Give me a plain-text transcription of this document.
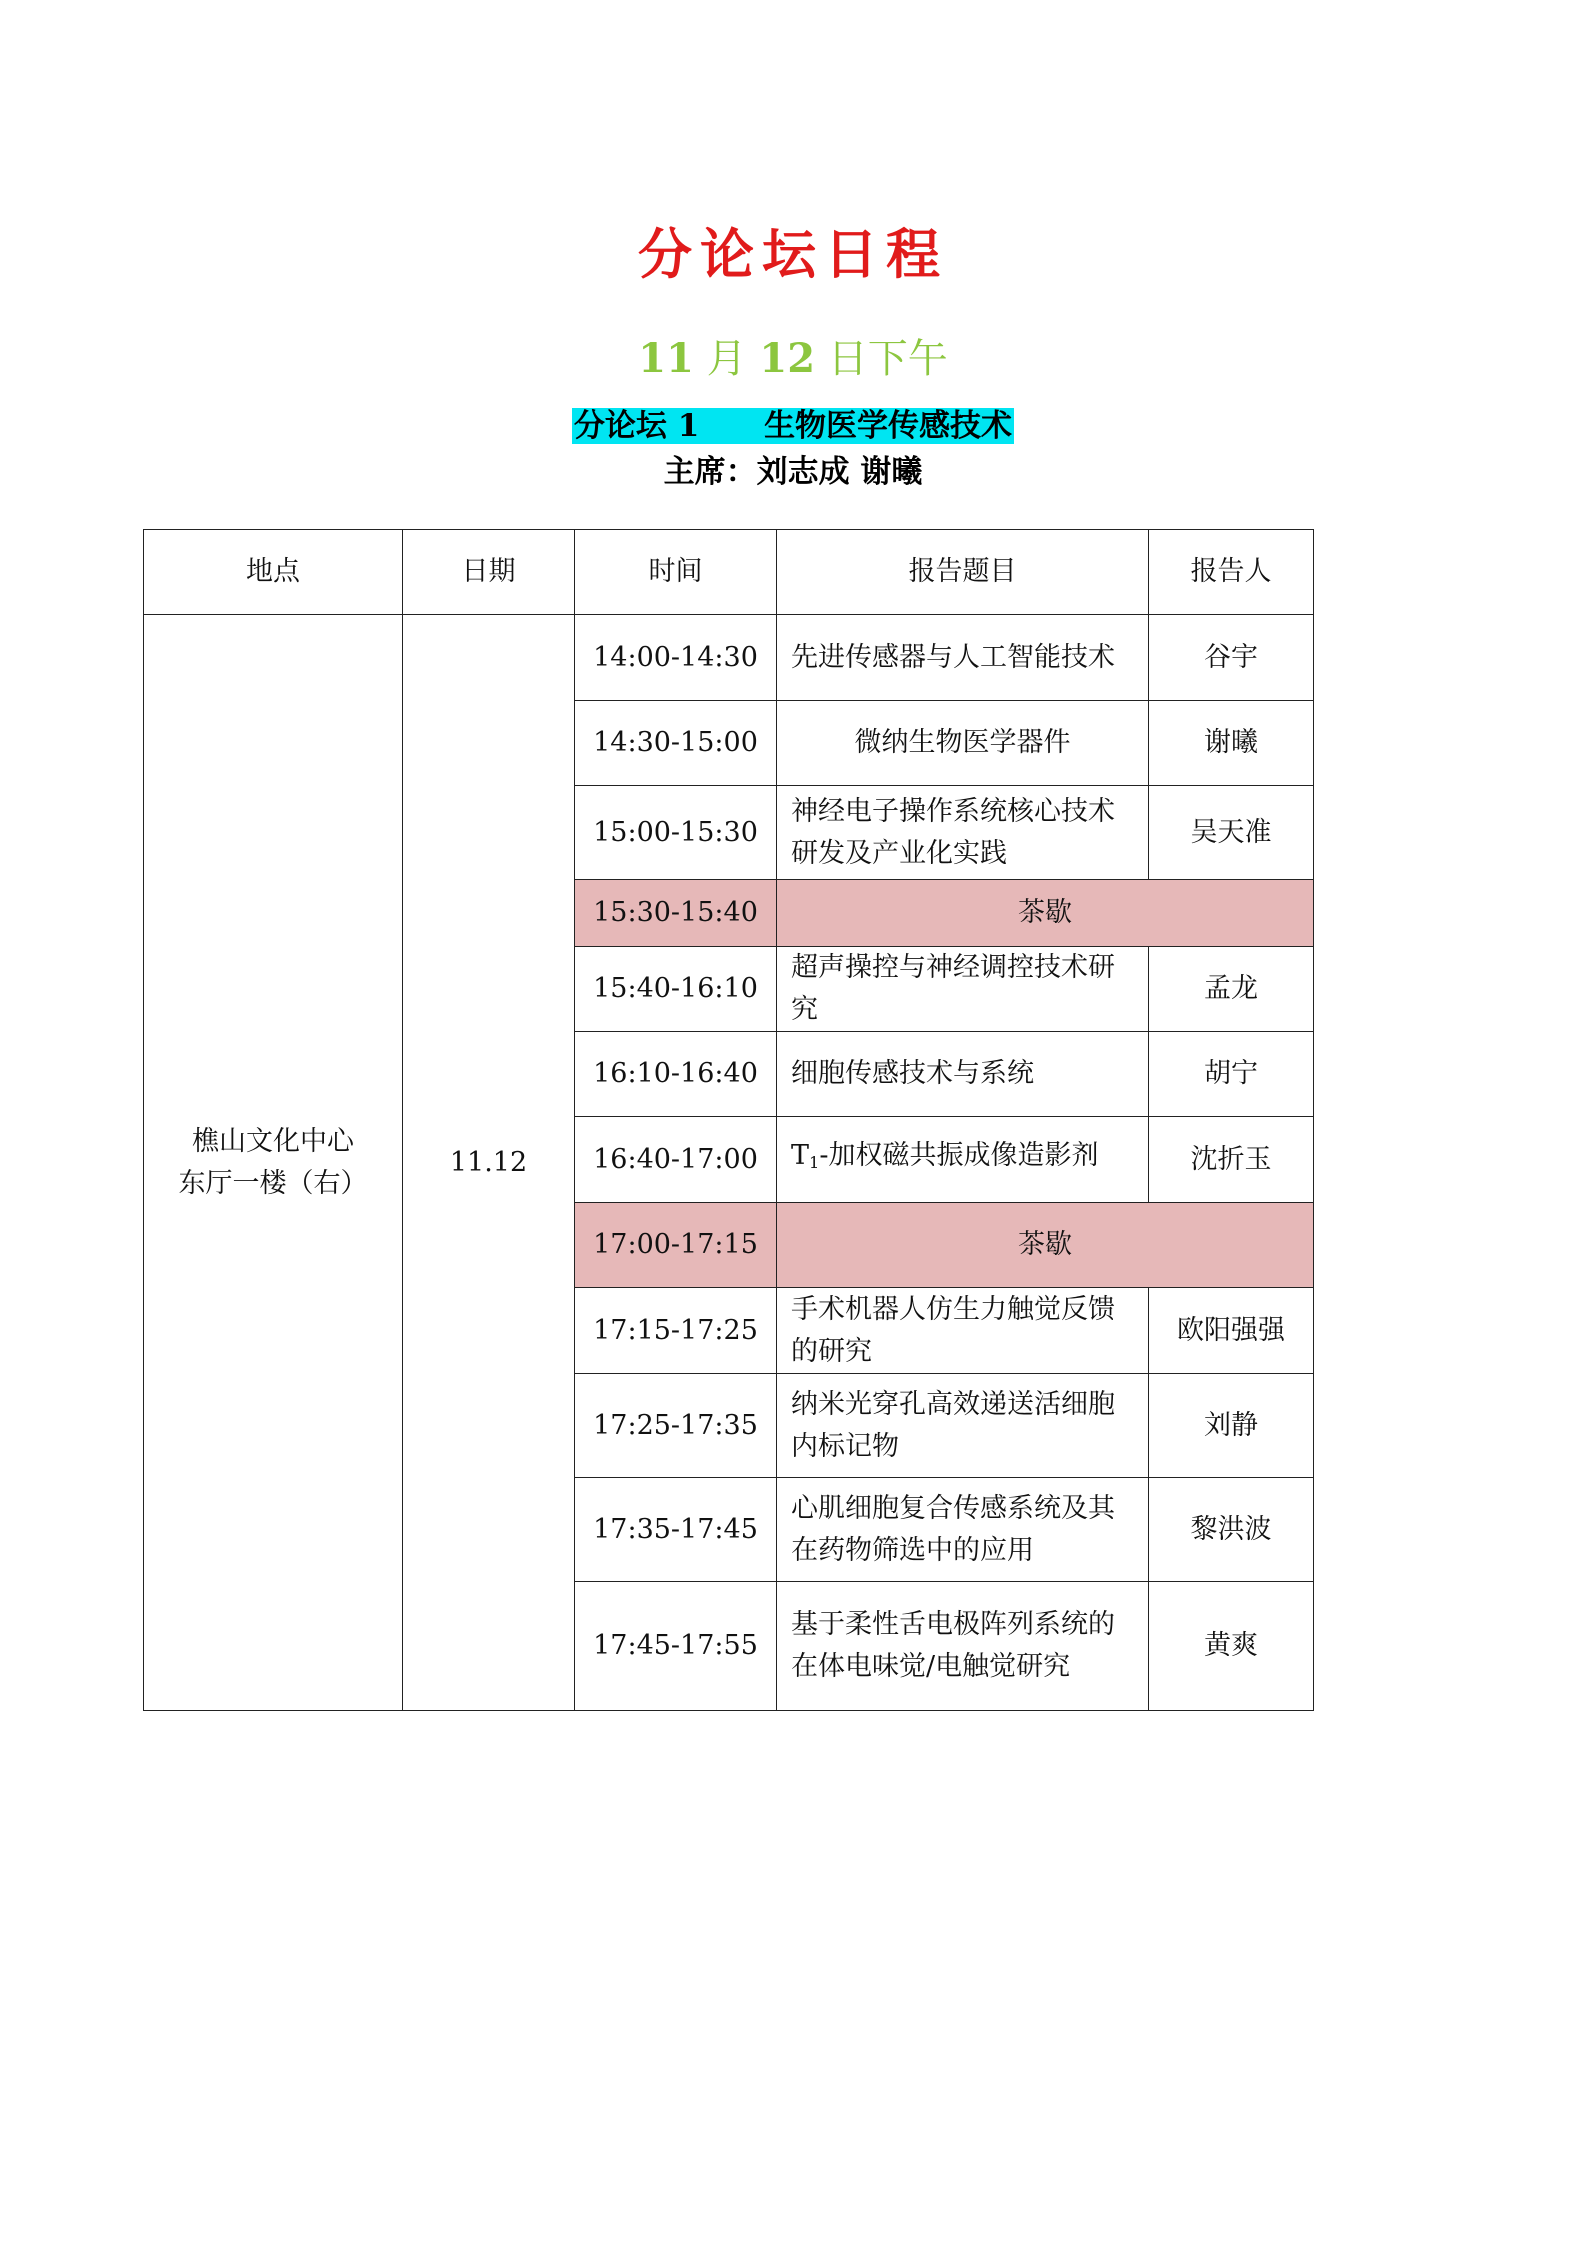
分论坛日程
11 月 12 日下午
分论坛 1 生物医学传感技术
主席：刘志成 谢曦
地点	日期	时间	报告题目	报告人

樵山文化中心
东厅一楼（右）	11.12	14:00-14:30	先进传感器与人工智能技术	谷宇
		14:30-15:00	微纳生物医学器件	谢曦
		15:00-15:30	神经电子操作系统核心技术研发及产业化实践	吴天准
		15:30-15:40	茶歇	
		15:40-16:10	超声操控与神经调控技术研究	孟龙
		16:10-16:40	细胞传感技术与系统	胡宁
		16:40-17:00	$T_1-$加权磁共振成像造影剂	沈折玉
		17:00-17:15	茶歇	
		17:15-17:25	手术机器人仿生力触觉反馈的研究	欧阳强强
		17:25-17:35	纳米光穿孔高效递送活细胞内标记物	刘静
		17:35-17:45	心肌细胞复合传感系统及其在药物筛选中的应用	黎洪波
		17:45-17:55	基于柔性舌电极阵列系统的在体电味觉/电触觉研究	黄爽
